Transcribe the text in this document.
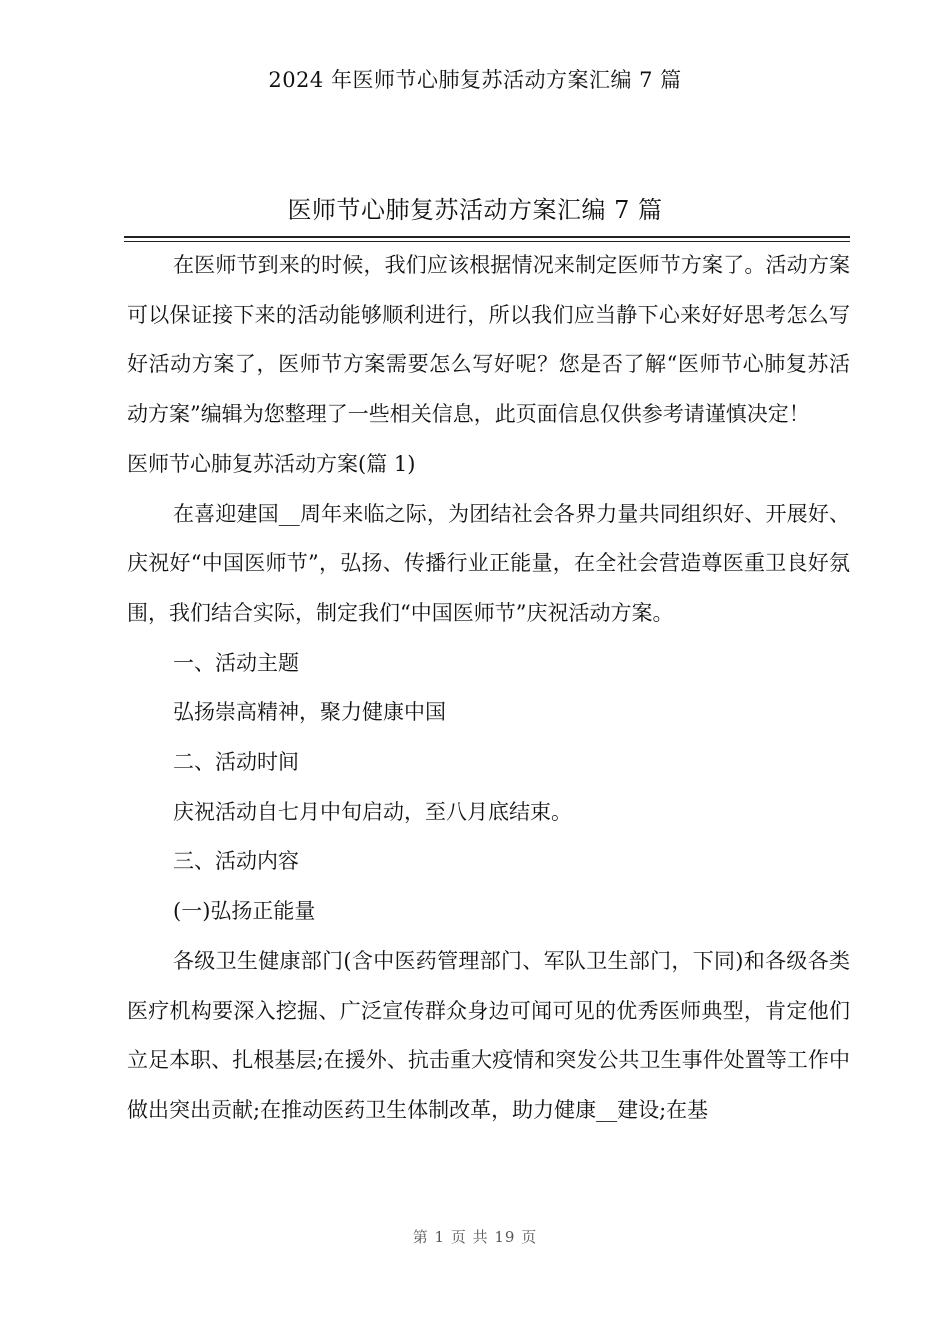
2024 年医师节心肺复苏活动方案汇编 7 篇
医师节心肺复苏活动方案汇编 7 篇

在医师节到来的时候，我们应该根据情况来制定医师节方案了。活动方案可以保证接下来的活动能够顺利进行，所以我们应当静下心来好好思考怎么写好活动方案了，医师节方案需要怎么写好呢？您是否了解“医师节心肺复苏活动方案”编辑为您整理了一些相关信息，此页面信息仅供参考请谨慎决定！

医师节心肺复苏活动方案(篇 1)

在喜迎建国__周年来临之际，为团结社会各界力量共同组织好、开展好、庆祝好“中国医师节”，弘扬、传播行业正能量，在全社会营造尊医重卫良好氛围，我们结合实际，制定我们“中国医师节”庆祝活动方案。

一、活动主题

弘扬崇高精神，聚力健康中国

二、活动时间

庆祝活动自七月中旬启动，至八月底结束。

三、活动内容

(一)弘扬正能量

各级卫生健康部门(含中医药管理部门、军队卫生部门，下同)和各级各类医疗机构要深入挖掘、广泛宣传群众身边可闻可见的优秀医师典型，肯定他们立足本职、扎根基层;在援外、抗击重大疫情和突发公共卫生事件处置等工作中做出突出贡献;在推动医药卫生体制改革，助力健康__建设;在基

第 1 页 共 19 页
